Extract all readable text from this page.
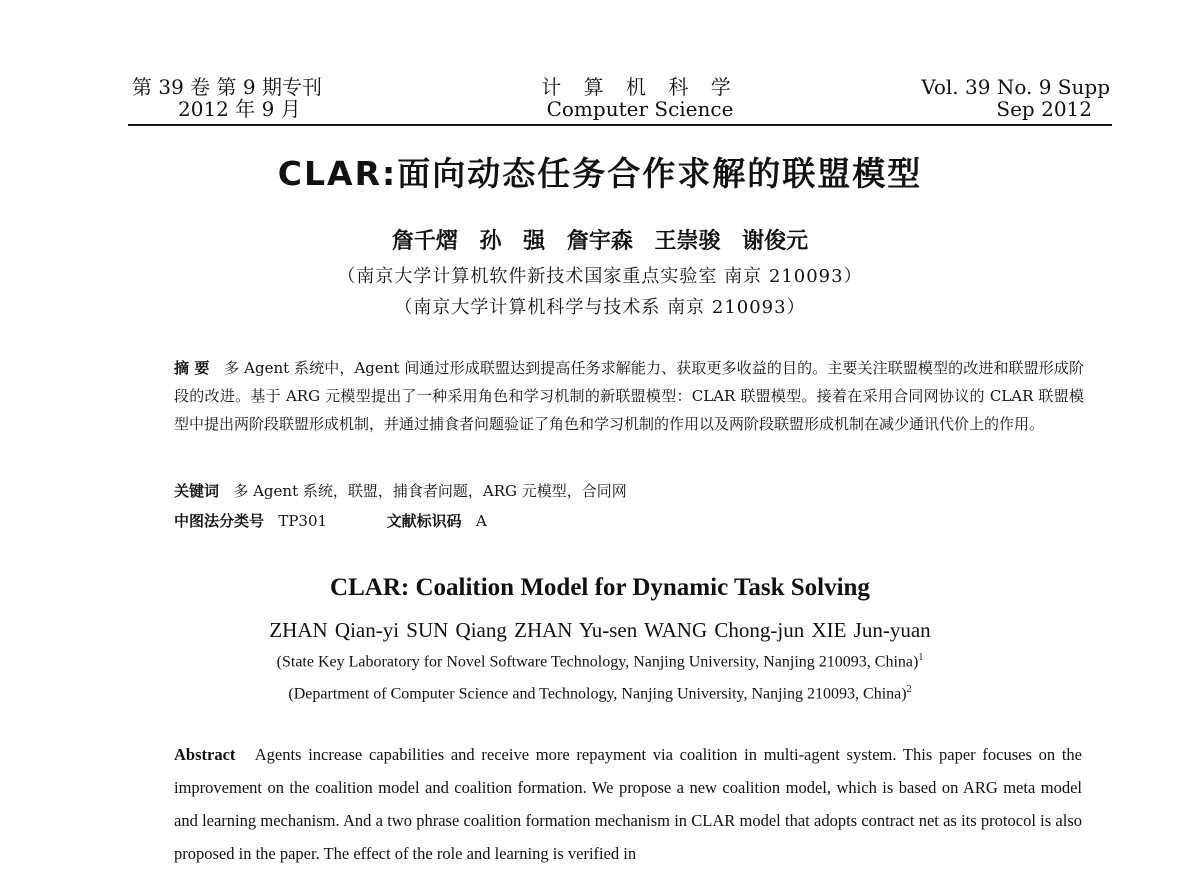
第 39 卷 第 9 期专刊
2012 年 9 月
计 算 机 科 学
Computer Science
Vol. 39 No. 9 Supp
Sep 2012
CLAR:面向动态任务合作求解的联盟模型
詹千熠 孙 强 詹宇森 王崇骏 谢俊元
（南京大学计算机软件新技术国家重点实验室 南京 210093）
（南京大学计算机科学与技术系 南京 210093）
摘 要 多 Agent 系统中，Agent 间通过形成联盟达到提高任务求解能力、获取更多收益的目的。主要关注联盟模型的改进和联盟形成阶段的改进。基于 ARG 元模型提出了一种采用角色和学习机制的新联盟模型：CLAR 联盟模型。接着在采用合同网协议的 CLAR 联盟模型中提出两阶段联盟形成机制，并通过捕食者问题验证了角色和学习机制的作用以及两阶段联盟形成机制在减少通讯代价上的作用。
关键词 多 Agent 系统，联盟，捕食者问题，ARG 元模型，合同网
中图法分类号 TP301	文献标识码 A
CLAR: Coalition Model for Dynamic Task Solving
ZHAN Qian-yi SUN Qiang ZHAN Yu-sen WANG Chong-jun XIE Jun-yuan
(State Key Laboratory for Novel Software Technology, Nanjing University, Nanjing 210093, China)$^1$
(Department of Computer Science and Technology, Nanjing University, Nanjing 210093, China)$^2$
Abstract Agents increase capabilities and receive more repayment via coalition in multi-agent system. This paper focuses on the improvement on the coalition model and coalition formation. We propose a new coalition model, which is based on ARG meta model and learning mechanism. And a two phrase coalition formation mechanism in CLAR model that adopts contract net as its protocol is also proposed in the paper. The effect of the role and learning is verified in
